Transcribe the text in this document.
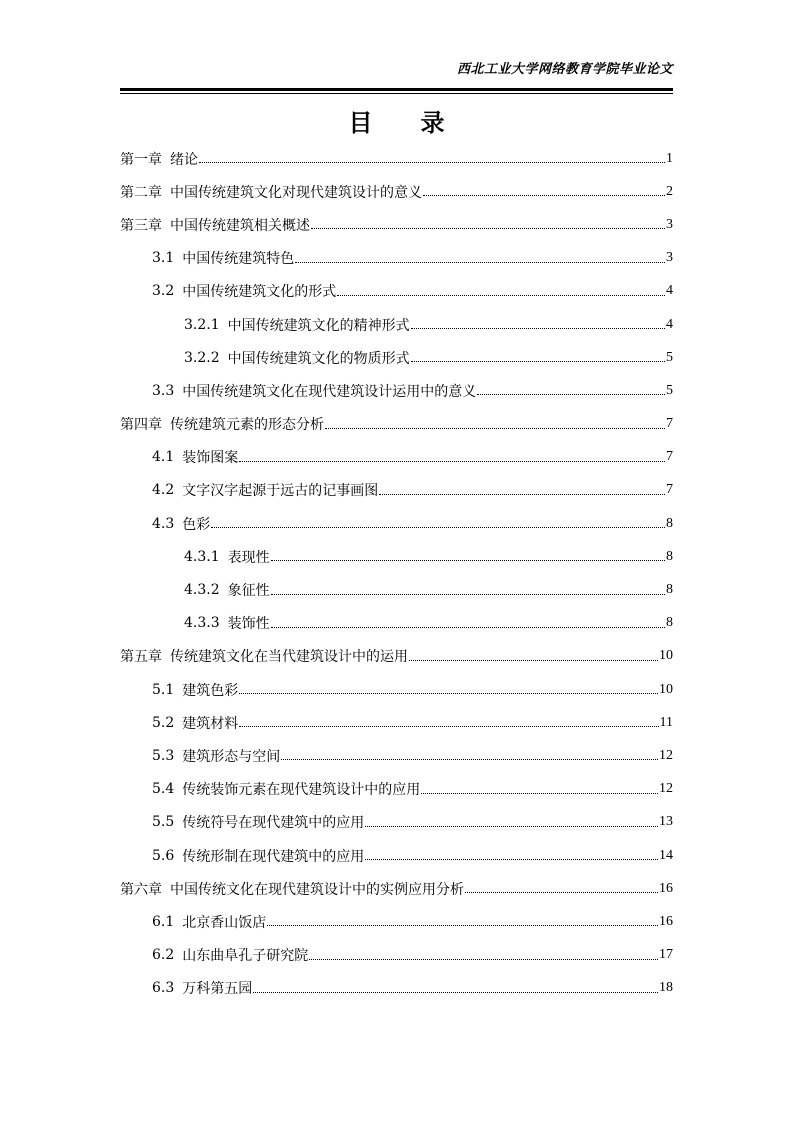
西北工业大学网络教育学院毕业论文
目 录
第一章 绪论	1
第二章 中国传统建筑文化对现代建筑设计的意义	2
第三章 中国传统建筑相关概述	3
3.1 中国传统建筑特色	3
3.2 中国传统建筑文化的形式	4
3.2.1 中国传统建筑文化的精神形式	4
3.2.2 中国传统建筑文化的物质形式	5
3.3 中国传统建筑文化在现代建筑设计运用中的意义	5
第四章 传统建筑元素的形态分析	7
4.1 装饰图案	7
4.2 文字汉字起源于远古的记事画图	7
4.3 色彩	8
4.3.1 表现性	8
4.3.2 象征性	8
4.3.3 装饰性	8
第五章 传统建筑文化在当代建筑设计中的运用	10
5.1 建筑色彩	10
5.2 建筑材料	11
5.3 建筑形态与空间	12
5.4 传统装饰元素在现代建筑设计中的应用	12
5.5 传统符号在现代建筑中的应用	13
5.6 传统形制在现代建筑中的应用	14
第六章 中国传统文化在现代建筑设计中的实例应用分析	16
6.1 北京香山饭店	16
6.2 山东曲阜孔子研究院	17
6.3 万科第五园	18
